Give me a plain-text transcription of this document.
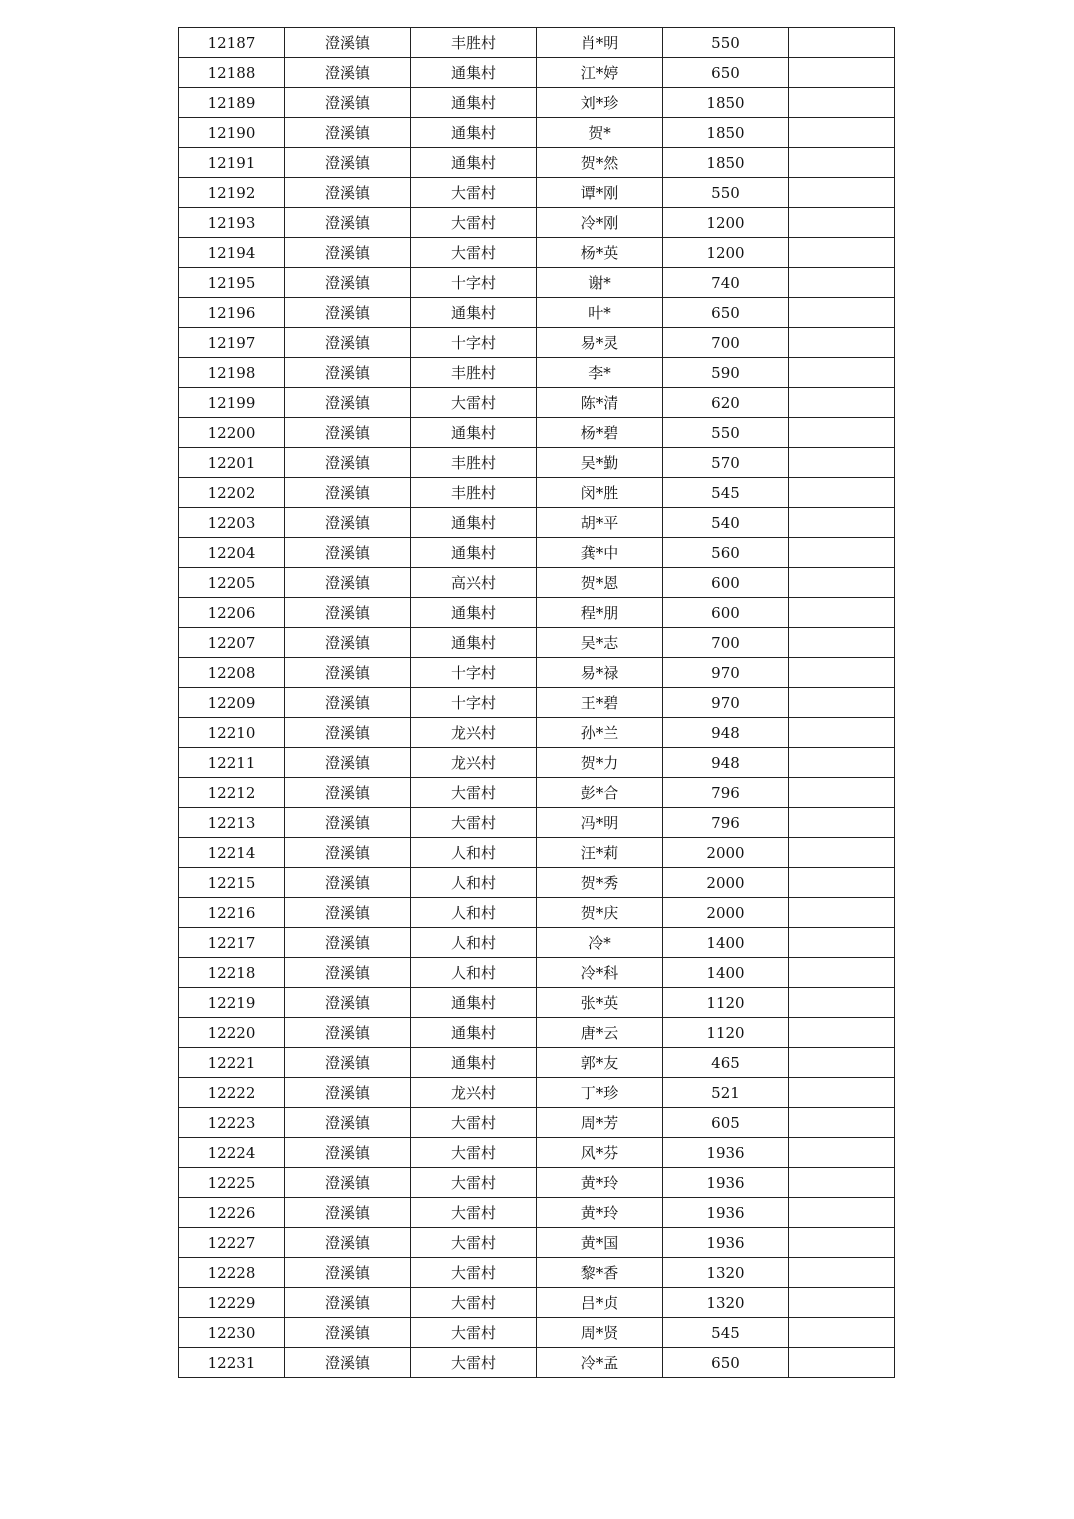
12187	澄溪镇	丰胜村	肖*明	550	
12188	澄溪镇	通集村	江*婷	650	
12189	澄溪镇	通集村	刘*珍	1850	
12190	澄溪镇	通集村	贺*	1850	
12191	澄溪镇	通集村	贺*然	1850	
12192	澄溪镇	大雷村	谭*刚	550	
12193	澄溪镇	大雷村	冷*刚	1200	
12194	澄溪镇	大雷村	杨*英	1200	
12195	澄溪镇	十字村	谢*	740	
12196	澄溪镇	通集村	叶*	650	
12197	澄溪镇	十字村	易*灵	700	
12198	澄溪镇	丰胜村	李*	590	
12199	澄溪镇	大雷村	陈*清	620	
12200	澄溪镇	通集村	杨*碧	550	
12201	澄溪镇	丰胜村	吴*勤	570	
12202	澄溪镇	丰胜村	闵*胜	545	
12203	澄溪镇	通集村	胡*平	540	
12204	澄溪镇	通集村	龚*中	560	
12205	澄溪镇	高兴村	贺*恩	600	
12206	澄溪镇	通集村	程*朋	600	
12207	澄溪镇	通集村	吴*志	700	
12208	澄溪镇	十字村	易*禄	970	
12209	澄溪镇	十字村	王*碧	970	
12210	澄溪镇	龙兴村	孙*兰	948	
12211	澄溪镇	龙兴村	贺*力	948	
12212	澄溪镇	大雷村	彭*合	796	
12213	澄溪镇	大雷村	冯*明	796	
12214	澄溪镇	人和村	汪*莉	2000	
12215	澄溪镇	人和村	贺*秀	2000	
12216	澄溪镇	人和村	贺*庆	2000	
12217	澄溪镇	人和村	冷*	1400	
12218	澄溪镇	人和村	冷*科	1400	
12219	澄溪镇	通集村	张*英	1120	
12220	澄溪镇	通集村	唐*云	1120	
12221	澄溪镇	通集村	郭*友	465	
12222	澄溪镇	龙兴村	丁*珍	521	
12223	澄溪镇	大雷村	周*芳	605	
12224	澄溪镇	大雷村	风*芬	1936	
12225	澄溪镇	大雷村	黄*玲	1936	
12226	澄溪镇	大雷村	黄*玲	1936	
12227	澄溪镇	大雷村	黄*国	1936	
12228	澄溪镇	大雷村	黎*香	1320	
12229	澄溪镇	大雷村	吕*贞	1320	
12230	澄溪镇	大雷村	周*贤	545	
12231	澄溪镇	大雷村	冷*孟	650	
